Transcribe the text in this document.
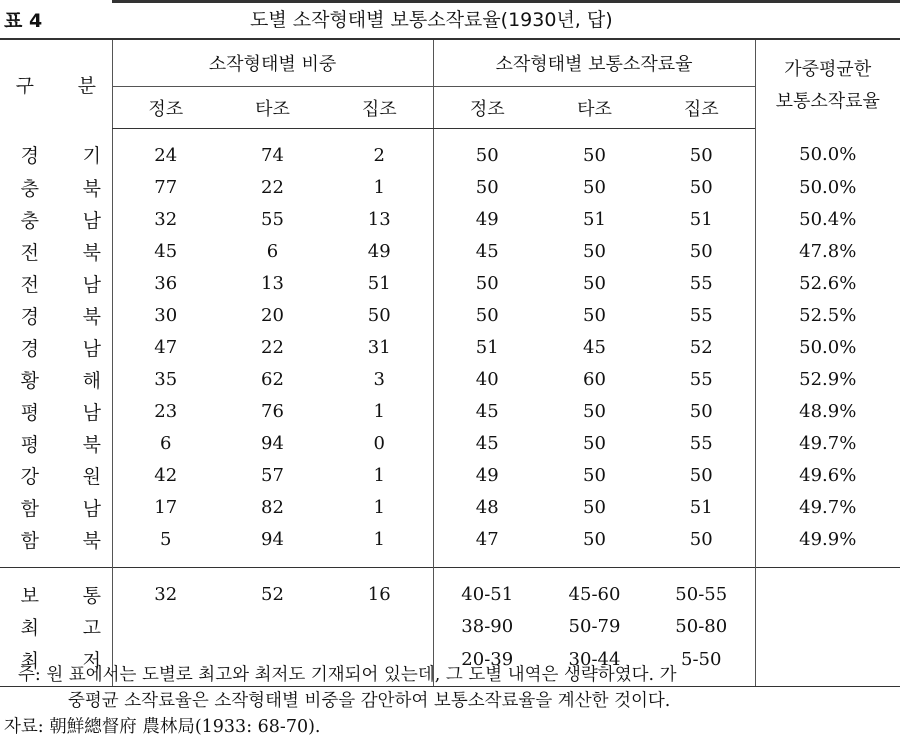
표 4	도별 소작형태별 보통소작료율(1930년, 답)
구 분	소작형태별 비중			소작형태별 보통소작료율			가중평균한
보통소작료율

	정조	타조	집조	정조	타조	집조	
경 기	24	74	2	50	50	50	50.0%
충 북	77	22	1	50	50	50	50.0%
충 남	32	55	13	49	51	51	50.4%
전 북	45	6	49	45	50	50	47.8%
전 남	36	13	51	50	50	55	52.6%
경 북	30	20	50	50	50	55	52.5%
경 남	47	22	31	51	45	52	50.0%
황 해	35	62	3	40	60	55	52.9%
평 남	23	76	1	45	50	50	48.9%
평 북	6	94	0	45	50	55	49.7%
강 원	42	57	1	49	50	50	49.6%
함 남	17	82	1	48	50	51	49.7%
함 북	5	94	1	47	50	50	49.9%
보 통	32	52	16	40-51	45-60	50-55	
최 고				38-90	50-79	50-80	
최 저				20-39	30-44	5-50	
주: 원 표에서는 도별로 최고와 최저도 기재되어 있는데, 그 도별 내역은 생략하였다. 가
중평균 소작료율은 소작형태별 비중을 감안하여 보통소작료율을 계산한 것이다.
자료: 朝鮮總督府 農林局(1933: 68-70).
